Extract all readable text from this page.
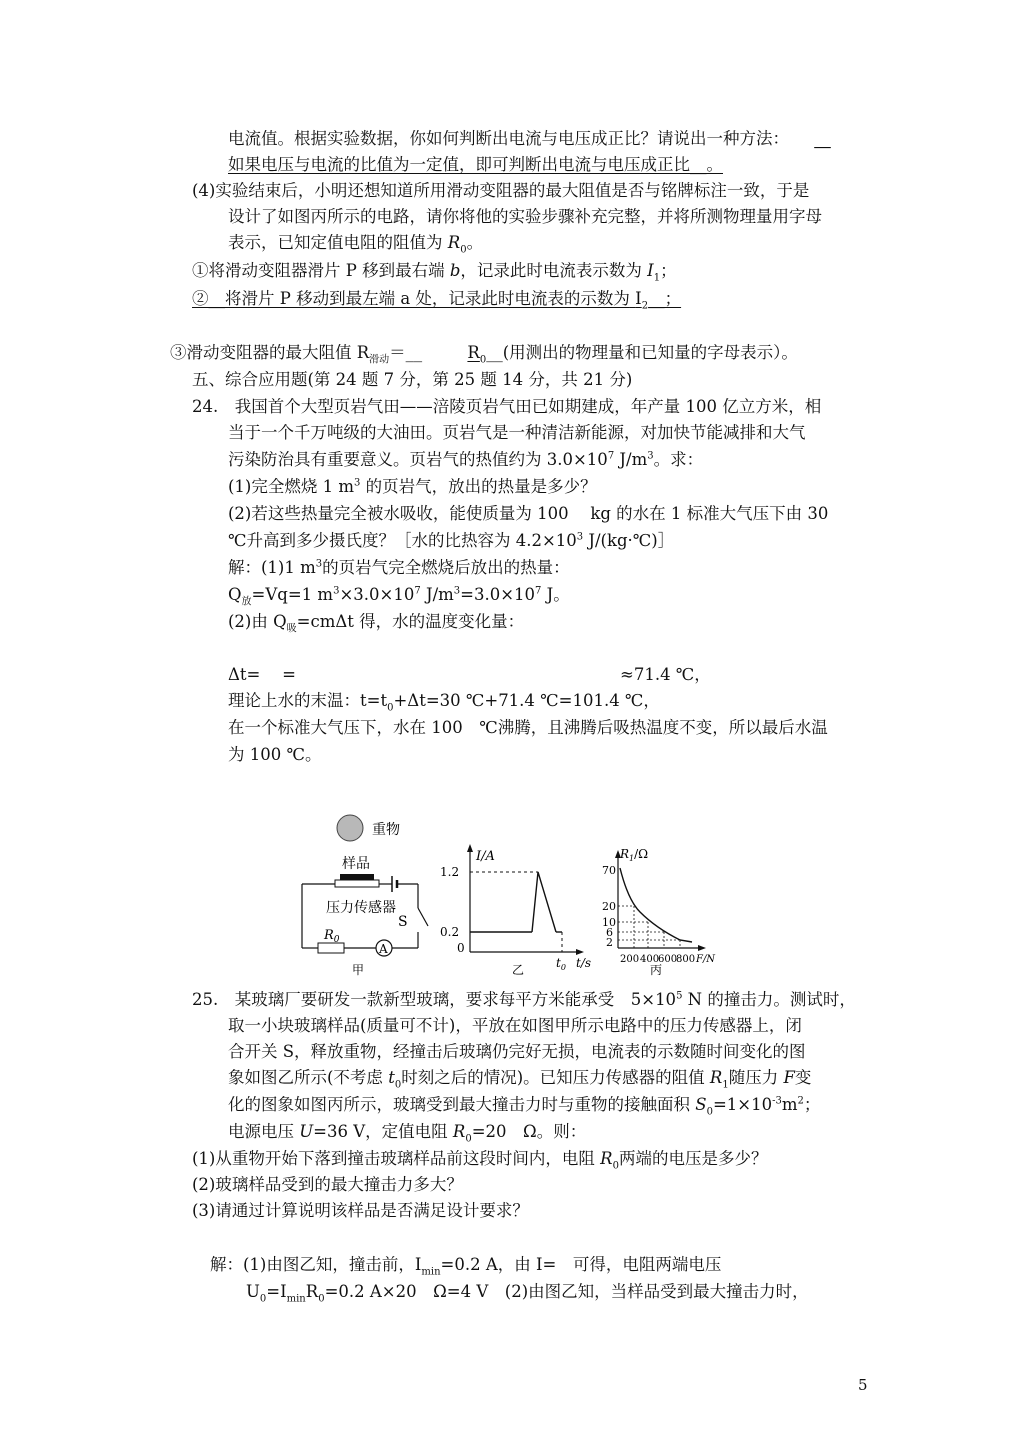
电流值。根据实验数据，你如何判断出电流与电压成正比？请说出一种方法： __
如果电压与电流的比值为一定值，即可判断出电流与电压成正比__。
(4)实验结束后，小明还想知道所用滑动变阻器的最大阻值是否与铭牌标注一致，于是
设计了如图丙所示的电路，请你将他的实验步骤补充完整，并将所测物理量用字母
表示，已知定值电阻的阻值为 $R_0$。
①将滑动变阻器滑片 P 移到最右端 b，记录此时电流表示数为 $I_1$；
②__将滑片 P 移动到最左端 a 处，记录此时电流表的示数为 $I_2\_\_$；
③滑动变阻器的最大阻值 $R_{滑动}=\_\_$	$R_0\_\_$(用测出的物理量和已知量的字母表示）。
五、综合应用题(第 24 题 7 分，第 25 题 14 分，共 21 分)
24.　我国首个大型页岩气田——涪陵页岩气田已如期建成，年产量 100 亿立方米，相
当于一个千万吨级的大油田。页岩气是一种清洁新能源，对加快节能减排和大气
污染防治具有重要意义。页岩气的热值约为 $3.0\times 10^7$ $J/m^3$。求：
(1)完全燃烧 1 $m^3$ 的页岩气，放出的热量是多少？
(2)若这些热量完全被水吸收，能使质量为 100　 kg 的水在 1 标准大气压下由 30
℃升高到多少摄氏度？［水的比热容为 $4.2\times 10^3$ J/(kg·℃)］
解：(1)1 $m^3$的页岩气完全燃烧后放出的热量：
$Q_放=Vq=1$ $m^3\times 3.0\times 10^7$ $J/m^3=3.0\times 10^7$ J。
(2)由 $Q_吸=cm\Delta t$ 得，水的温度变化量：
Δt=　 =	≈71.4 ℃，
理论上水的末温：$t=t_0+\Delta t=30$ ℃+71.4 ℃=101.4 ℃，
在一个标准大气压下，水在 100　℃沸腾，且沸腾后吸热温度不变，所以最后水温
为 100 ℃。
重物
样品
S
压力传感器
$R_0$
A
甲
I/A
1.2
0.2
0
$t_0$ t/s
乙
$R_1/\Omega$
70
20
10
6
2
200 400
600
800 F/N
丙
25.　某玻璃厂要研发一款新型玻璃，要求每平方米能承受　$5\times 10^5$ N 的撞击力。测试时，
取一小块玻璃样品(质量可不计)，平放在如图甲所示电路中的压力传感器上，闭
合开关 S，释放重物，经撞击后玻璃仍完好无损，电流表的示数随时间变化的图
象如图乙所示(不考虑 $t_0$时刻之后的情况)。已知压力传感器的阻值 $R_1$随压力 F变
化的图象如图丙所示，玻璃受到最大撞击力时与重物的接触面积 $S_0=1\times 10^{-3}m^2$；
电源电压 U=36 V，定值电阻 $R_0=20$　Ω。则：
(1)从重物开始下落到撞击玻璃样品前这段时间内，电阻 $R_0$两端的电压是多少？
(2)玻璃样品受到的最大撞击力多大？
(3)请通过计算说明该样品是否满足设计要求？
解：(1)由图乙知，撞击前，$I_{min}=0.2$ A，由 I=　可得，电阻两端电压
$U_0=I_{min}R_0=0.2$ A×20　Ω=4 V　(2)由图乙知，当样品受到最大撞击力时，
5
